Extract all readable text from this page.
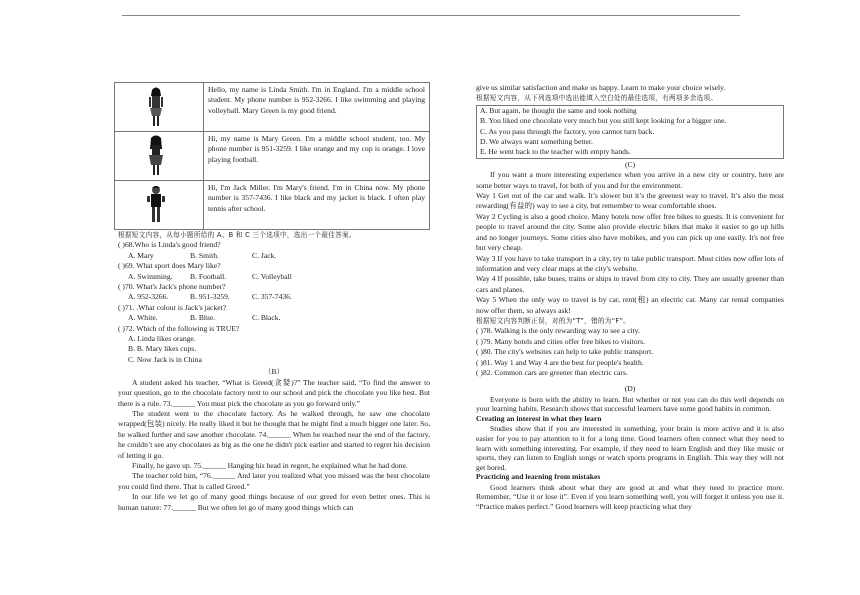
	Hello, my name is Linda Smith. I'm in England. I'm a middle school student. My phone number is 952-3266. I like swimming and playing volleyball. Mary Green is my good friend.

	Hi, my name is Mary Green. I'm a middle school student, too. My phone number is 951-3259. I like orange and my cup is orange. I love playing football.

	Hi, I'm Jack Miller. I'm Mary's friend. I'm in China now. My phone number is 357-7436. I like black and my jacket is black. I often play tennis after school.

根据短文内容，从每小题所给的 A、B 和 C 三个选项中，选出一个最佳答案。

( )68.Who is Linda's good friend?

A. Mary	B. Smith.	C. Jack.

( )69. What sport does Mary like?

A. Swimming.	B. Football.	C. Volleyball

( )70. What's Jack's phone number?

A. 952-3266.	B. 951-3259.	C. 357-7436.

( )71. .What colour is Jack's jacket?

A. White.	B. Blue.	C. Black.

( )72. Which of the following is TRUE?

A. Linda likes orange.

B. B. Mary likes cups.

C. Now Jack is in China

（B）

A student asked his teacher, “What is Greed(贪婪)?” The teacher said, “To find the answer to your question, go to the chocolate factory next to our school and pick the chocolate you like best. But there is a rule. 73.______ You must pick the chocolate as you go forward only.”

The student went to the chocolate factory. As he walked through, he saw one chocolate wrapped(包装) nicely. He really liked it but he thought that he might find a much bigger one later. So, he walked further and saw another chocolate. 74.______ When he reached near the end of the factory, he couldn’t see any chocolates as big as the one he didn't pick earlier and started to regret his decision of letting it go.

Finally, he gave up. 75.______ Hanging his head in regret, he explained what he had done.

The teacher told him, “76.______ And later you realized what you missed was the best chocolate you could find there. That is called Greed.”

In our life we let go of many good things because of our greed for even better ones. This is human nature: 77.______ But we often let go of many good things which can

give us similar satisfaction and make us happy. Learn to make your choice wisely.

根据短文内容，从下列选项中选出能填入空白处的最佳选项，有两项多余选项。

A. But again, he thought the same and took nothing

B. You liked one chocolate very much but you still kept looking for a bigger one.

C. As you pass through the factory, you cannot turn back.

D. We always want something better.

E. He went back to the teacher with empty hands.

(C)

If you want a more interesting experience when you arrive in a new city or country, here are some better ways to travel, for both of you and for the environment.

Way 1 Get out of the car and walk. It’s slower but it’s the greenest way to travel. It’s also the most rewarding(有益的) way to see a city, but remember to wear comfortable shoes.

Way 2 Cycling is also a good choice. Many hotels now offer free bikes to guests. It is convenient for people to travel around the city. Some also provide electric bikes that make it easier to go up hills and no longer journeys. Some cities also have mobikes, and you can pick up one easily. It's not free but very cheap.

Way 3 If you have to take transport in a city, try to take public transport. Most cities now offer lots of information and very clear maps at the city's website.

Way 4 If possible, take buses, trains or ships to travel from city to city. They are usually greener than cars and planes.

Way 5 When the only way to travel is by car, rent(租) an electric car. Many car rental companies now offer them, so always ask!

根据短文内容判断正误，对的为“T”，错的为“F”。

( )78. Walking is the only rewarding way to see a city.

( )79. Many hotels and cities offer free bikes to visitors.

( )80. The city's websites can help to take public transport.

( )81. Way 1 and Way 4 are the best for people's health.

( )82. Common cars are greener than electric cars.

(D)

Everyone is born with the ability to learn. But whether or not you can do this well depends on your learning habits. Research shows that successful learners have some good habits in common.

Creating an interest in what they learn

Studies show that if you are interested in something, your brain is more active and it is also easier for you to pay attention to it for a long time. Good learners often connect what they need to learn with something interesting. For example, if they need to learn English and they like music or sports, they can listen to English songs or watch sports programs in English. This way they will not get bored.

Practicing and learning from mistakes

Good learners think about what they are good at and what they need to practice more. Remember, “Use it or lose it”. Even if you learn something well, you will forget it unless you use it. “Practice makes perfect.” Good learners will keep practicing what they
